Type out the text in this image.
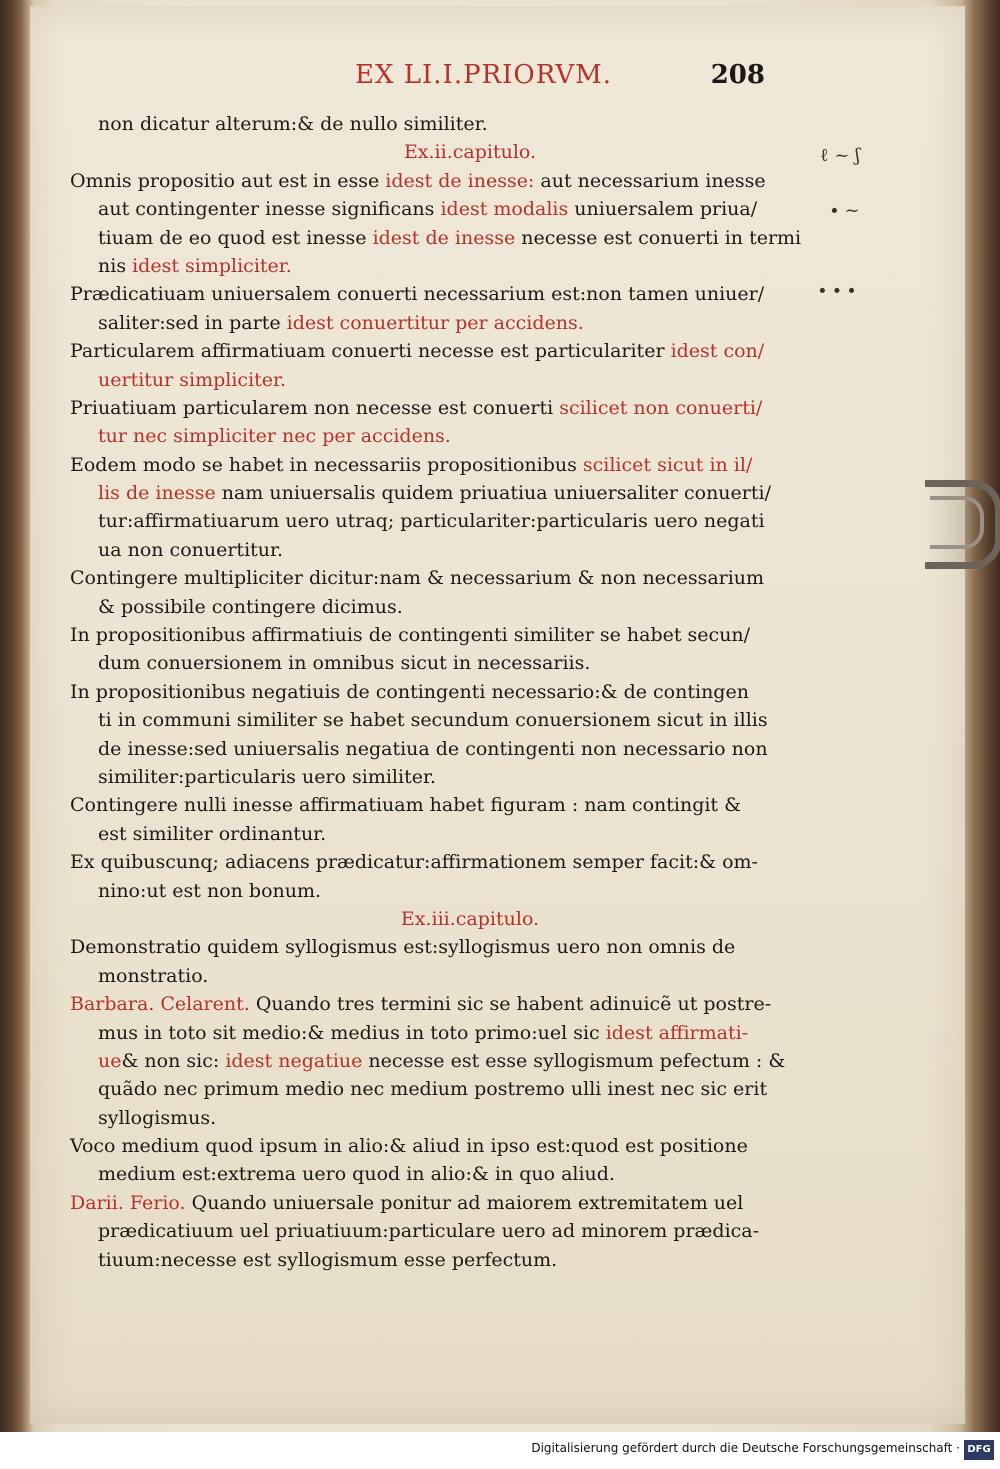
EX LI.I.PRIORVM.	208
non dicatur alterum:& de nullo similiter.
Ex.ii.capitulo.
Omnis propositio aut est in esse idest de inesse: aut necessarium inesse
aut contingenter inesse significans idest modalis uniuersalem priua/
tiuam de eo quod est inesse idest de inesse necesse est conuerti in termi
nis idest simpliciter.
Prædicatiuam uniuersalem conuerti necessarium est:non tamen uniuer/
saliter:sed in parte idest conuertitur per accidens.
Particularem affirmatiuam conuerti necesse est particulariter idest con/
uertitur simpliciter.
Priuatiuam particularem non necesse est conuerti scilicet non conuerti/
tur nec simpliciter nec per accidens.
Eodem modo se habet in necessariis propositionibus scilicet sicut in il/
lis de inesse nam uniuersalis quidem priuatiua uniuersaliter conuerti/
tur:affirmatiuarum uero utraq; particulariter:particularis uero negati
ua non conuertitur.
Contingere multipliciter dicitur:nam & necessarium & non necessarium
& possibile contingere dicimus.
In propositionibus affirmatiuis de contingenti similiter se habet secun/
dum conuersionem in omnibus sicut in necessariis.
In propositionibus negatiuis de contingenti necessario:& de contingen
ti in communi similiter se habet secundum conuersionem sicut in illis
de inesse:sed uniuersalis negatiua de contingenti non necessario non
similiter:particularis uero similiter.
Contingere nulli inesse affirmatiuam habet figuram : nam contingit &
est similiter ordinantur.
Ex quibuscunq; adiacens prædicatur:affirmationem semper facit:& om-
nino:ut est non bonum.
Ex.iii.capitulo.
Demonstratio quidem syllogismus est:syllogismus uero non omnis de
monstratio.
Barbara. Celarent. Quando tres termini sic se habent adinuicẽ ut postre-
mus in toto sit medio:& medius in toto primo:uel sic idest affirmati-
ue& non sic: idest negatiue necesse est esse syllogismum pefectum : &
quãdo nec primum medio nec medium postremo ulli inest nec sic erit
syllogismus.
Voco medium quod ipsum in alio:& aliud in ipso est:quod est positione
medium est:extrema uero quod in alio:& in quo aliud.
Darii. Ferio. Quando uniuersale ponitur ad maiorem extremitatem uel
prædicatiuum uel priuatiuum:particulare uero ad minorem prædica-
tiuum:necesse est syllogismum esse perfectum.
ℓ ~ ʃ
∙ ~
∙ ∙ ∙
Digitalisierung gefördert durch die Deutsche Forschungsgemeinschaft · DFG
